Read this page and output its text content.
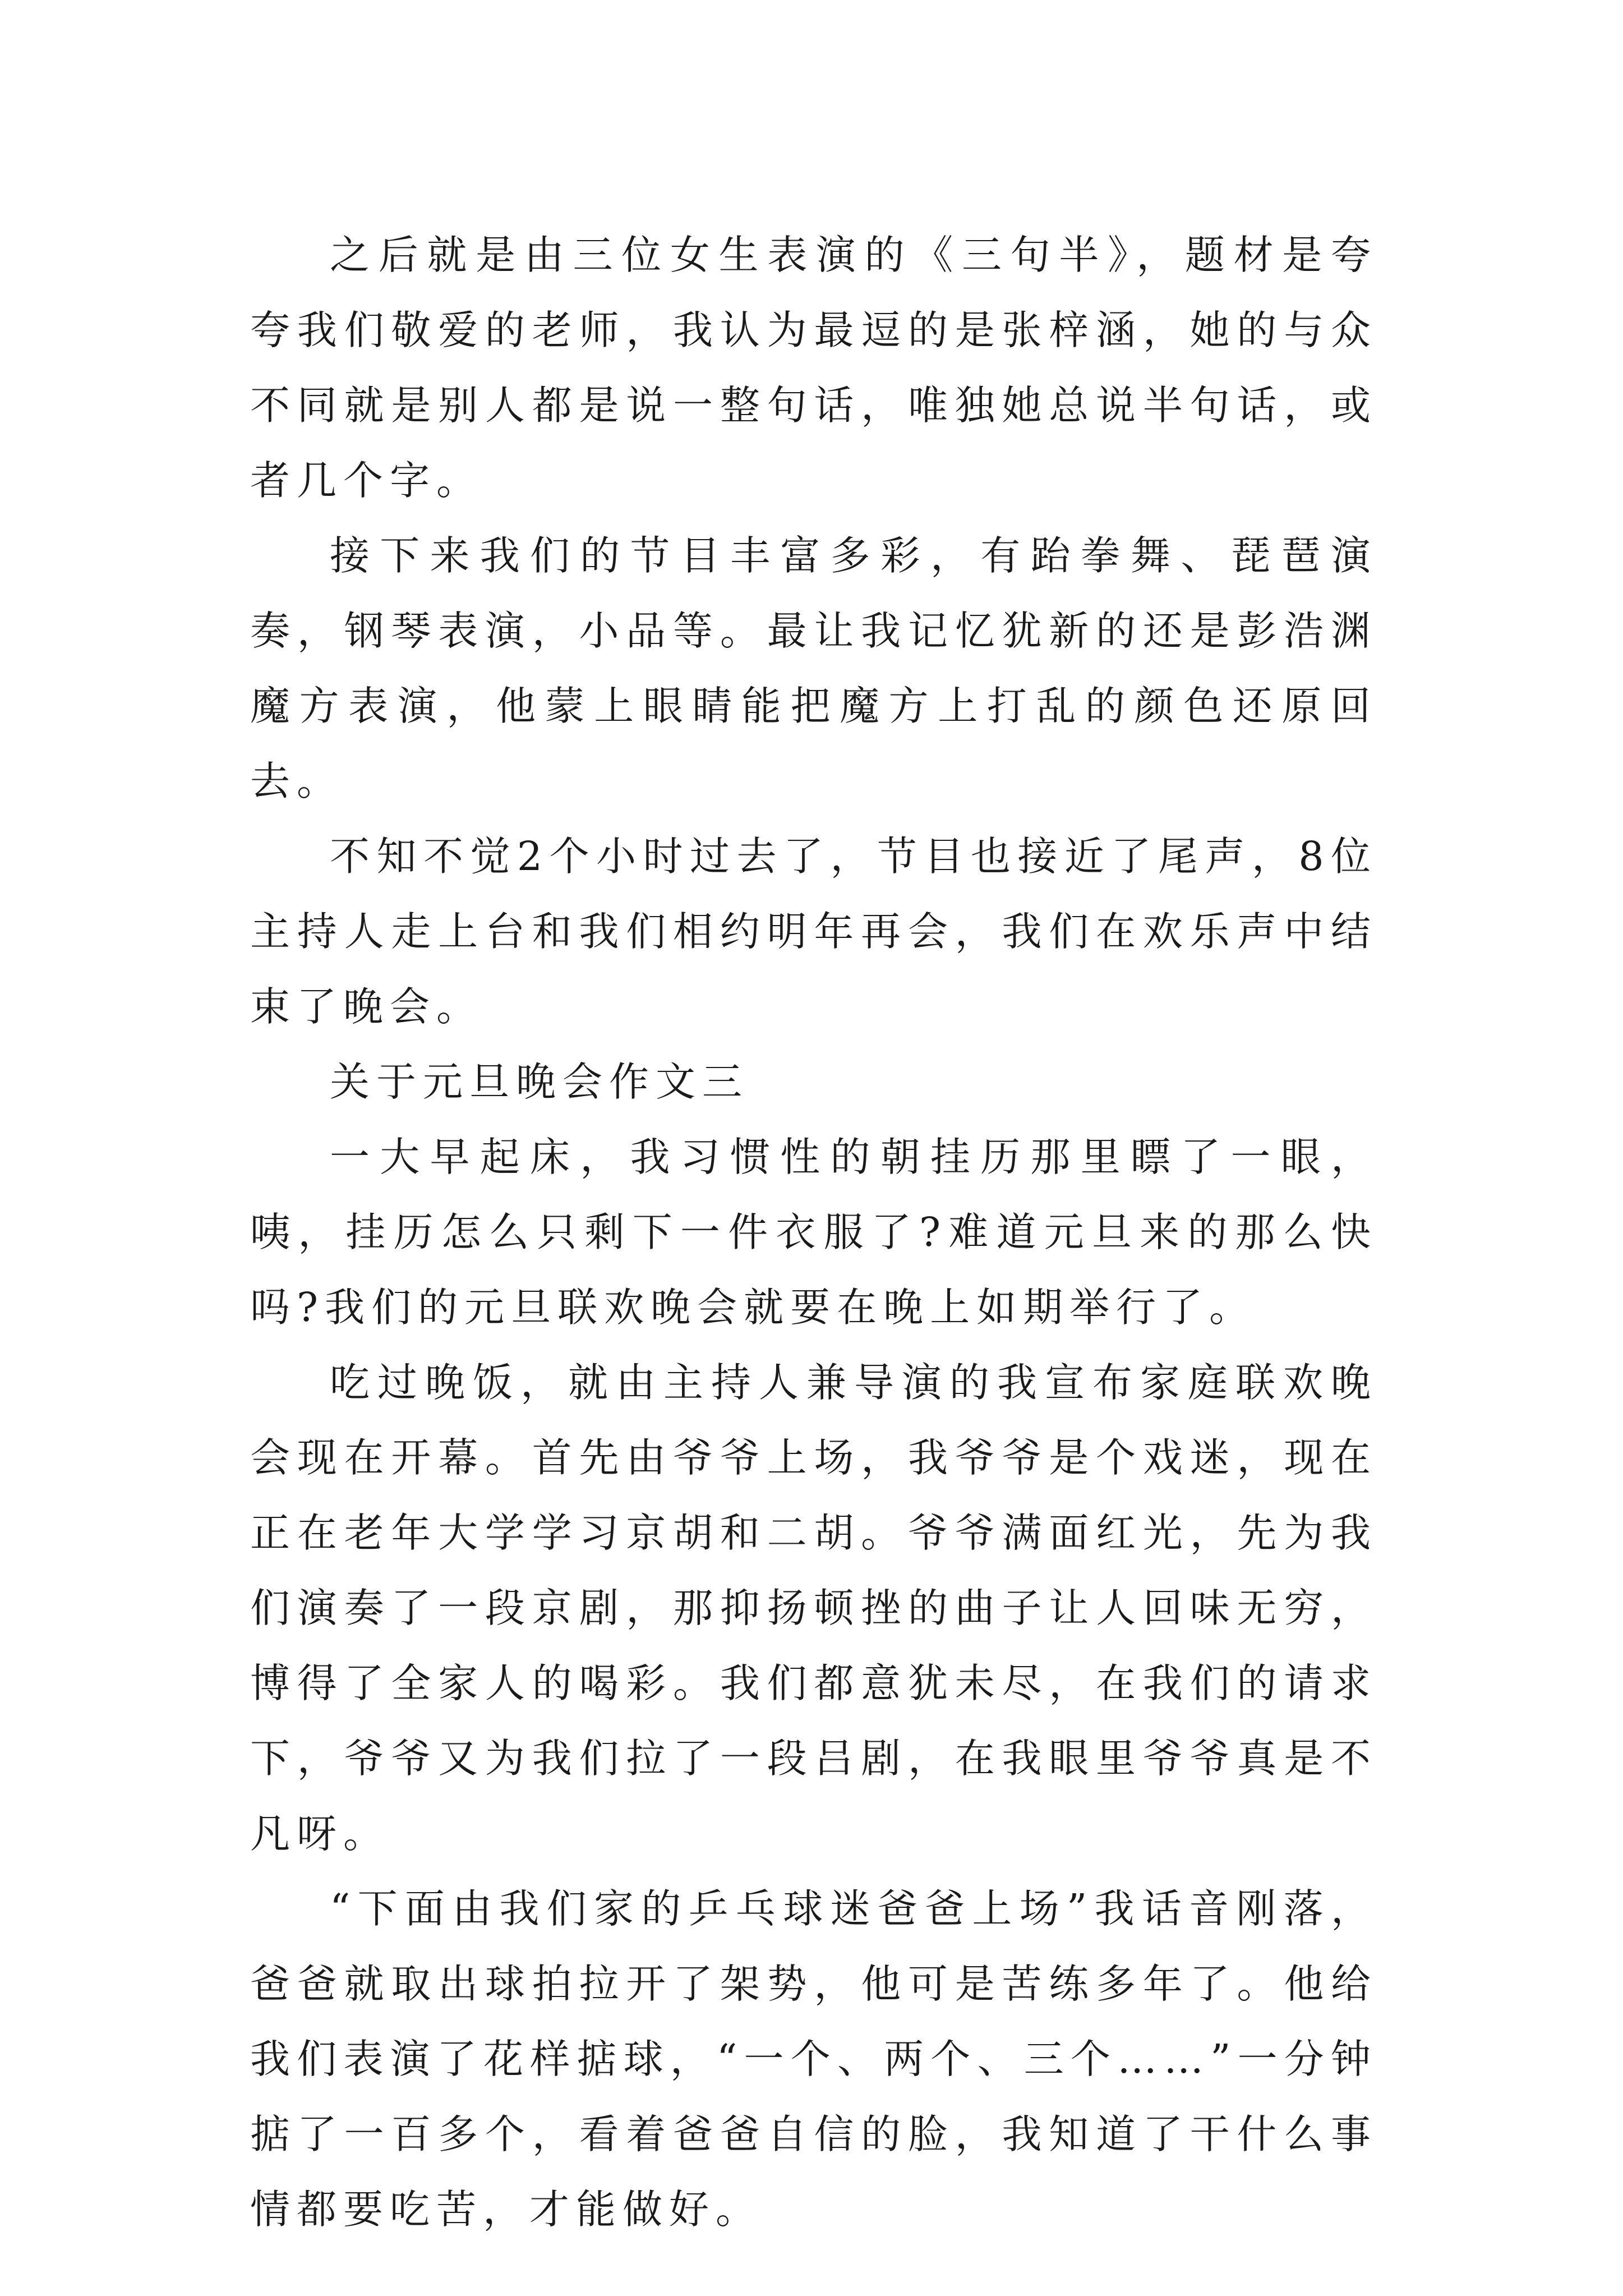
之后就是由三位女生表演的《三句半》，题材是夸夸我们敬爱的老师，我认为最逗的是张梓涵，她的与众不同就是别人都是说一整句话，唯独她总说半句话，或者几个字。

接下来我们的节目丰富多彩，有跆拳舞、琵琶演奏，钢琴表演，小品等。最让我记忆犹新的还是彭浩渊魔方表演，他蒙上眼睛能把魔方上打乱的颜色还原回去。

不知不觉2个小时过去了，节目也接近了尾声，8位主持人走上台和我们相约明年再会，我们在欢乐声中结束了晚会。

关于元旦晚会作文三

一大早起床，我习惯性的朝挂历那里瞟了一眼，咦，挂历怎么只剩下一件衣服了?难道元旦来的那么快吗?我们的元旦联欢晚会就要在晚上如期举行了。

吃过晚饭，就由主持人兼导演的我宣布家庭联欢晚会现在开幕。首先由爷爷上场，我爷爷是个戏迷，现在正在老年大学学习京胡和二胡。爷爷满面红光，先为我们演奏了一段京剧，那抑扬顿挫的曲子让人回味无穷，博得了全家人的喝彩。我们都意犹未尽，在我们的请求下，爷爷又为我们拉了一段吕剧，在我眼里爷爷真是不凡呀。

“下面由我们家的乒乓球迷爸爸上场”我话音刚落，爸爸就取出球拍拉开了架势，他可是苦练多年了。他给我们表演了花样掂球，“一个、两个、三个……”一分钟掂了一百多个，看着爸爸自信的脸，我知道了干什么事情都要吃苦，才能做好。
